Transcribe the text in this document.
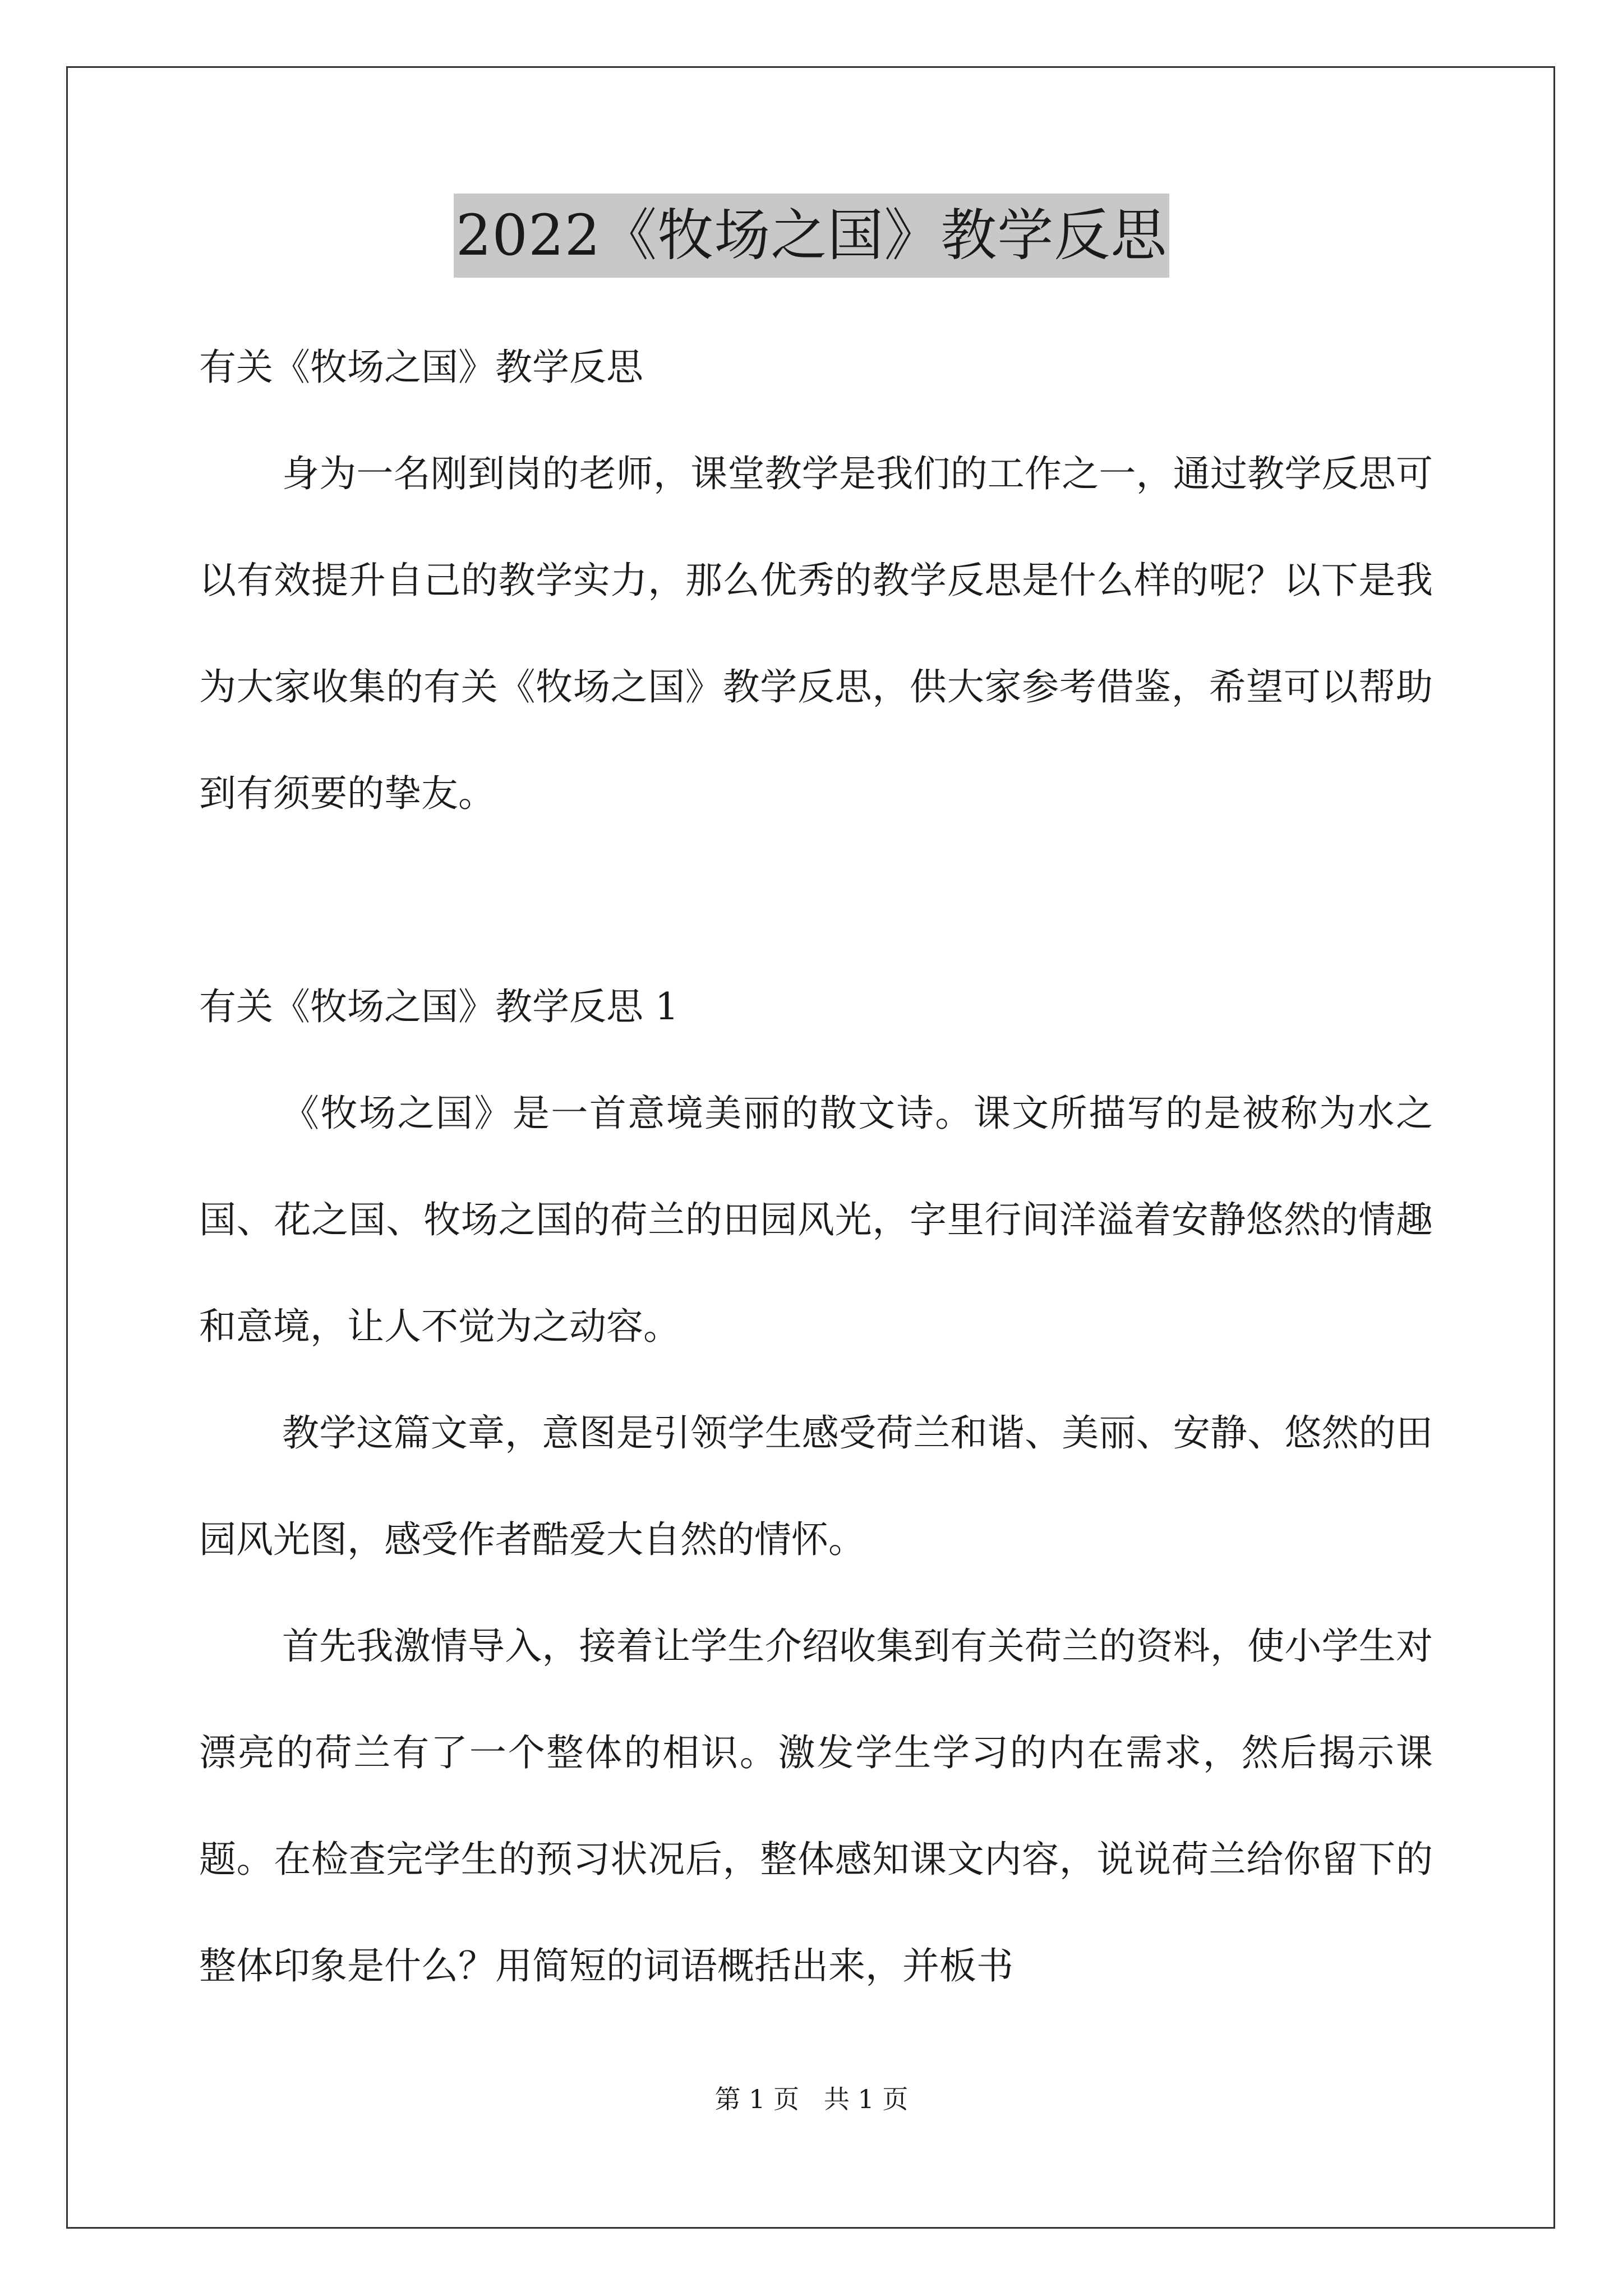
2022《牧场之国》教学反思

有关《牧场之国》教学反思

身为一名刚到岗的老师，课堂教学是我们的工作之一，通过教学反思可以有效提升自己的教学实力，那么优秀的教学反思是什么样的呢？以下是我为大家收集的有关《牧场之国》教学反思，供大家参考借鉴，希望可以帮助到有须要的挚友。

有关《牧场之国》教学反思 1

《牧场之国》是一首意境美丽的散文诗。课文所描写的是被称为水之国、花之国、牧场之国的荷兰的田园风光，字里行间洋溢着安静悠然的情趣和意境，让人不觉为之动容。

教学这篇文章，意图是引领学生感受荷兰和谐、美丽、安静、悠然的田园风光图，感受作者酷爱大自然的情怀。

首先我激情导入，接着让学生介绍收集到有关荷兰的资料，使小学生对漂亮的荷兰有了一个整体的相识。激发学生学习的内在需求，然后揭示课题。在检查完学生的预习状况后，整体感知课文内容，说说荷兰给你留下的整体印象是什么？用简短的词语概括出来，并板书

第 1 页   共 1 页
